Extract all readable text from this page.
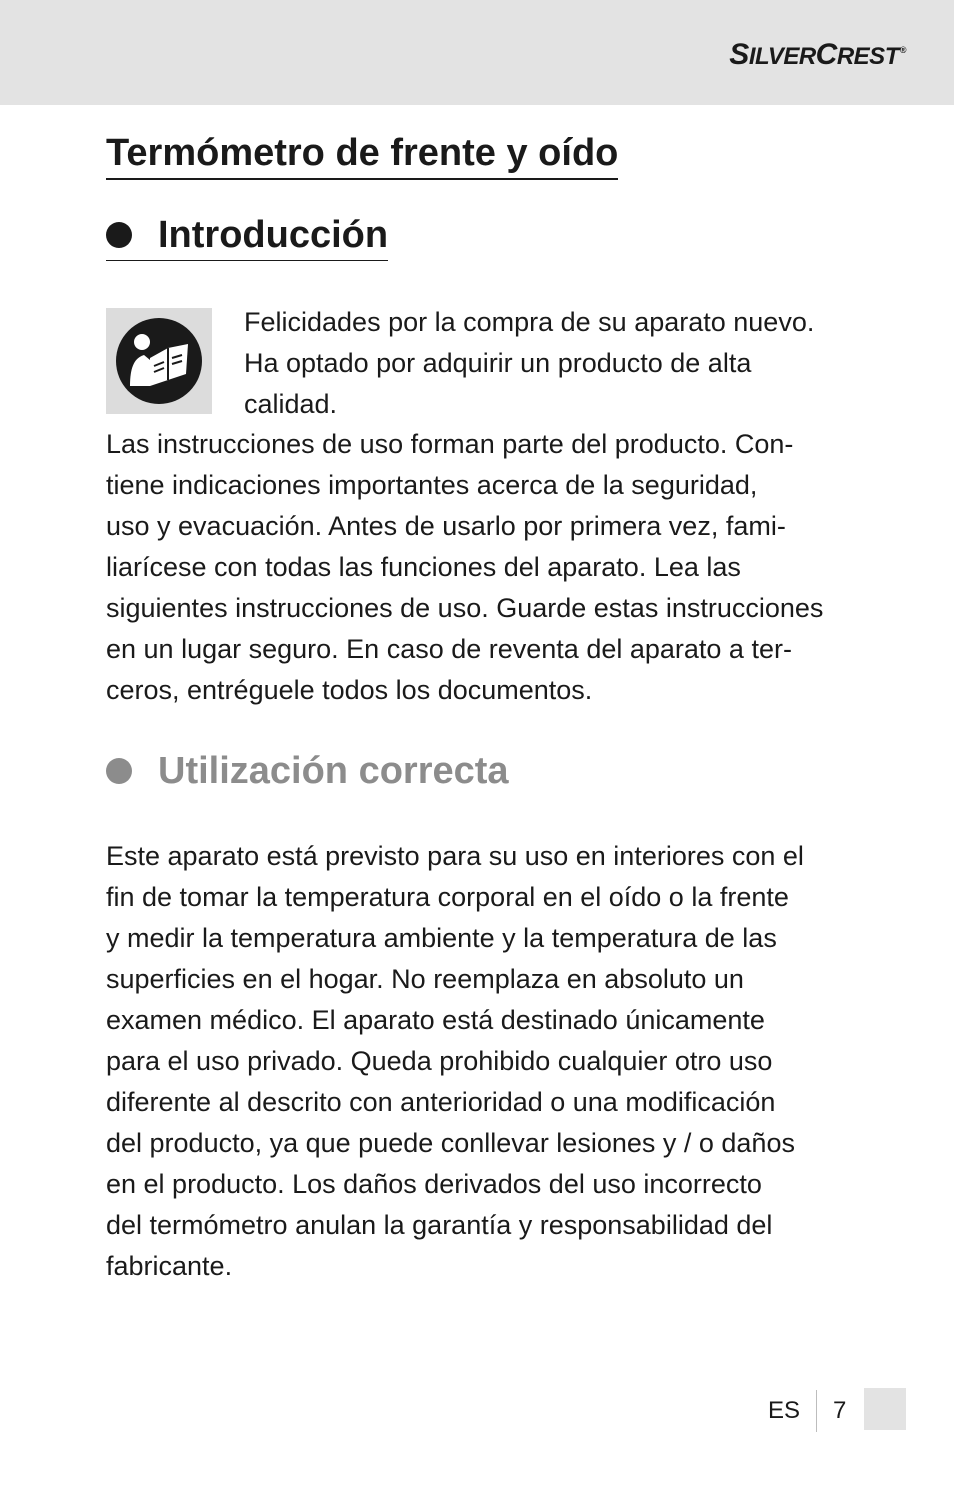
SILVERCREST®
Termómetro de frente y oído
Introducción

Felicidades por la compra de su aparato nuevo.
Ha optado por adquirir un producto de alta
calidad.

Las instrucciones de uso forman parte del producto. Con-
tiene indicaciones importantes acerca de la seguridad,
uso y evacuación. Antes de usarlo por primera vez, fami-
liarícese con todas las funciones del aparato. Lea las
siguientes instrucciones de uso. Guarde estas instrucciones
en un lugar seguro. En caso de reventa del aparato a ter-
ceros, entréguele todos los documentos.

Utilización correcta

Este aparato está previsto para su uso en interiores con el
fin de tomar la temperatura corporal en el oído o la frente
y medir la temperatura ambiente y la temperatura de las
superficies en el hogar. No reemplaza en absoluto un
examen médico. El aparato está destinado únicamente
para el uso privado. Queda prohibido cualquier otro uso
diferente al descrito con anterioridad o una modificación
del producto, ya que puede conllevar lesiones y / o daños
en el producto. Los daños derivados del uso incorrecto
del termómetro anulan la garantía y responsabilidad del
fabricante.

ES	7
